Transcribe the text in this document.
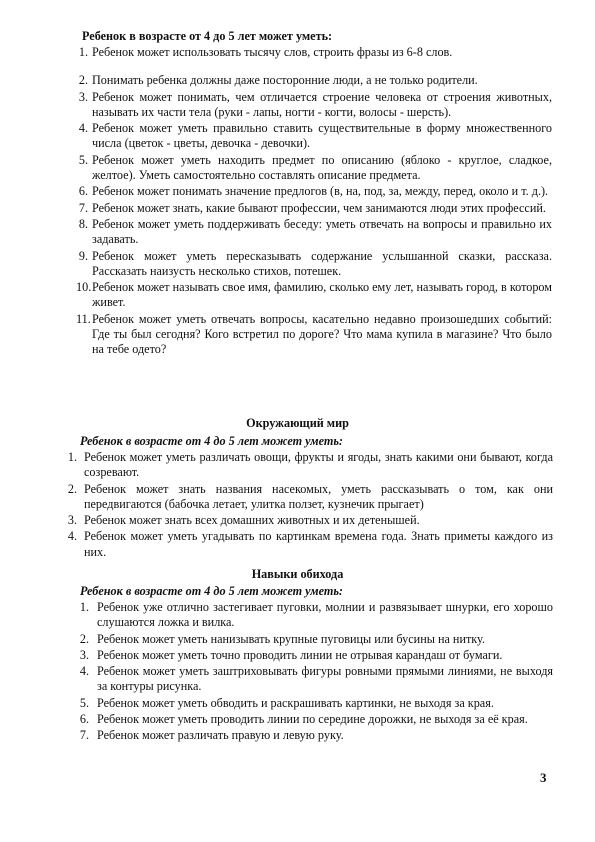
Ребенок в возрасте от 4 до 5 лет может уметь:
1. Ребенок может использовать тысячу слов, строить фразы из 6-8 слов.
2. Понимать ребенка должны даже посторонние люди, а не только родители.
3. Ребенок может понимать, чем отличается строение человека от строения животных, называть их части тела (руки - лапы, ногти - когти, волосы - шерсть).
4. Ребенок может уметь правильно ставить существительные в форму множественного числа (цветок - цветы, девочка - девочки).
5. Ребенок может уметь находить предмет по описанию (яблоко - круглое, сладкое, желтое). Уметь самостоятельно составлять описание предмета.
6. Ребенок может понимать значение предлогов (в, на, под, за, между, перед, около и т. д.).
7. Ребенок может знать, какие бывают профессии, чем занимаются люди этих профессий.
8. Ребенок может уметь поддерживать беседу: уметь отвечать на вопросы и правильно их задавать.
9. Ребенок может уметь пересказывать содержание услышанной сказки, рассказа. Рассказать наизусть несколько стихов, потешек.
10. Ребенок может называть свое имя, фамилию, сколько ему лет, называть город, в котором живет.
11. Ребенок может уметь отвечать вопросы, касательно недавно произошедших событий: Где ты был сегодня? Кого встретил по дороге? Что мама купила в магазине? Что было на тебе одето?
Окружающий мир
Ребенок в возрасте от 4 до 5 лет может уметь:
1. Ребенок может уметь различать овощи, фрукты и ягоды, знать какими они бывают, когда созревают.
2. Ребенок может знать названия насекомых, уметь рассказывать о том, как они передвигаются (бабочка летает, улитка ползет, кузнечик прыгает)
3. Ребенок может знать всех домашних животных и их детенышей.
4. Ребенок может уметь угадывать по картинкам времена года. Знать приметы каждого из них.
Навыки обихода
Ребенок в возрасте от 4 до 5 лет может уметь:
1. Ребенок уже отлично застегивает пуговки, молнии и развязывает шнурки, его хорошо слушаются ложка и вилка.
2. Ребенок может уметь нанизывать крупные пуговицы или бусины на нитку.
3. Ребенок может уметь точно проводить линии не отрывая карандаш от бумаги.
4. Ребенок может уметь заштриховывать фигуры ровными прямыми линиями, не выходя за контуры рисунка.
5. Ребенок может уметь обводить и раскрашивать картинки, не выходя за края.
6. Ребенок может уметь проводить линии по середине дорожки, не выходя за её края.
7. Ребенок может различать правую и левую руку.
3
